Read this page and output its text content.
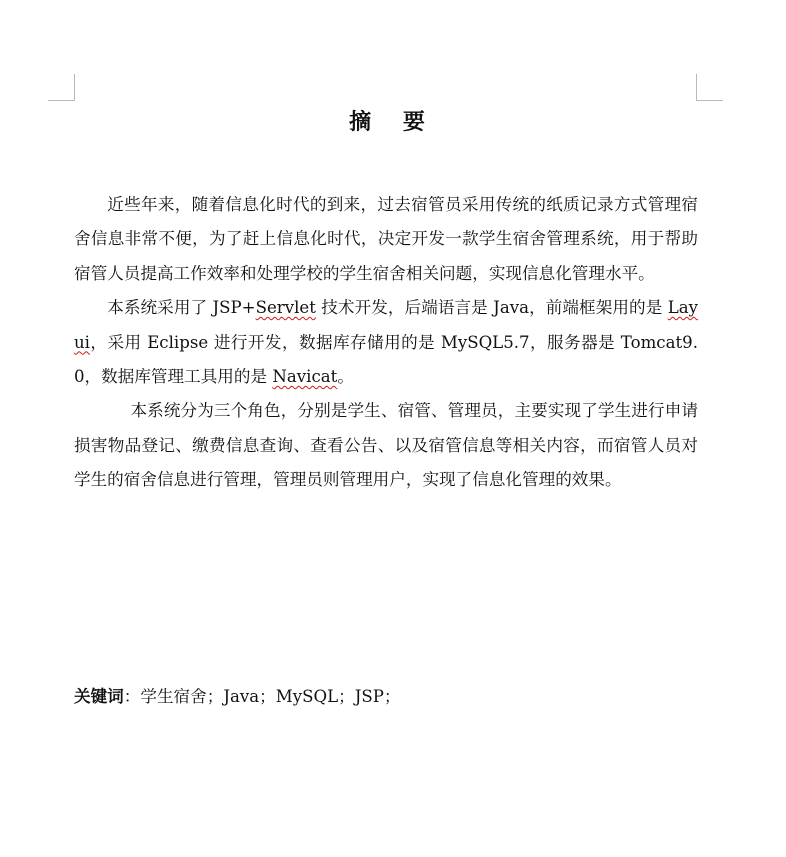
摘 要

近些年来，随着信息化时代的到来，过去宿管员采用传统的纸质记录方式管理宿舍信息非常不便，为了赶上信息化时代，决定开发一款学生宿舍管理系统，用于帮助宿管人员提高工作效率和处理学校的学生宿舍相关问题，实现信息化管理水平。

本系统采用了 JSP+Servlet 技术开发，后端语言是 Java，前端框架用的是 Layui，采用 Eclipse 进行开发，数据库存储用的是 MySQL5.7，服务器是 Tomcat9.0，数据库管理工具用的是 Navicat。

本系统分为三个角色，分别是学生、宿管、管理员，主要实现了学生进行申请损害物品登记、缴费信息查询、查看公告、以及宿管信息等相关内容，而宿管人员对学生的宿舍信息进行管理，管理员则管理用户，实现了信息化管理的效果。

关键词：学生宿舍；Java；MySQL；JSP；
